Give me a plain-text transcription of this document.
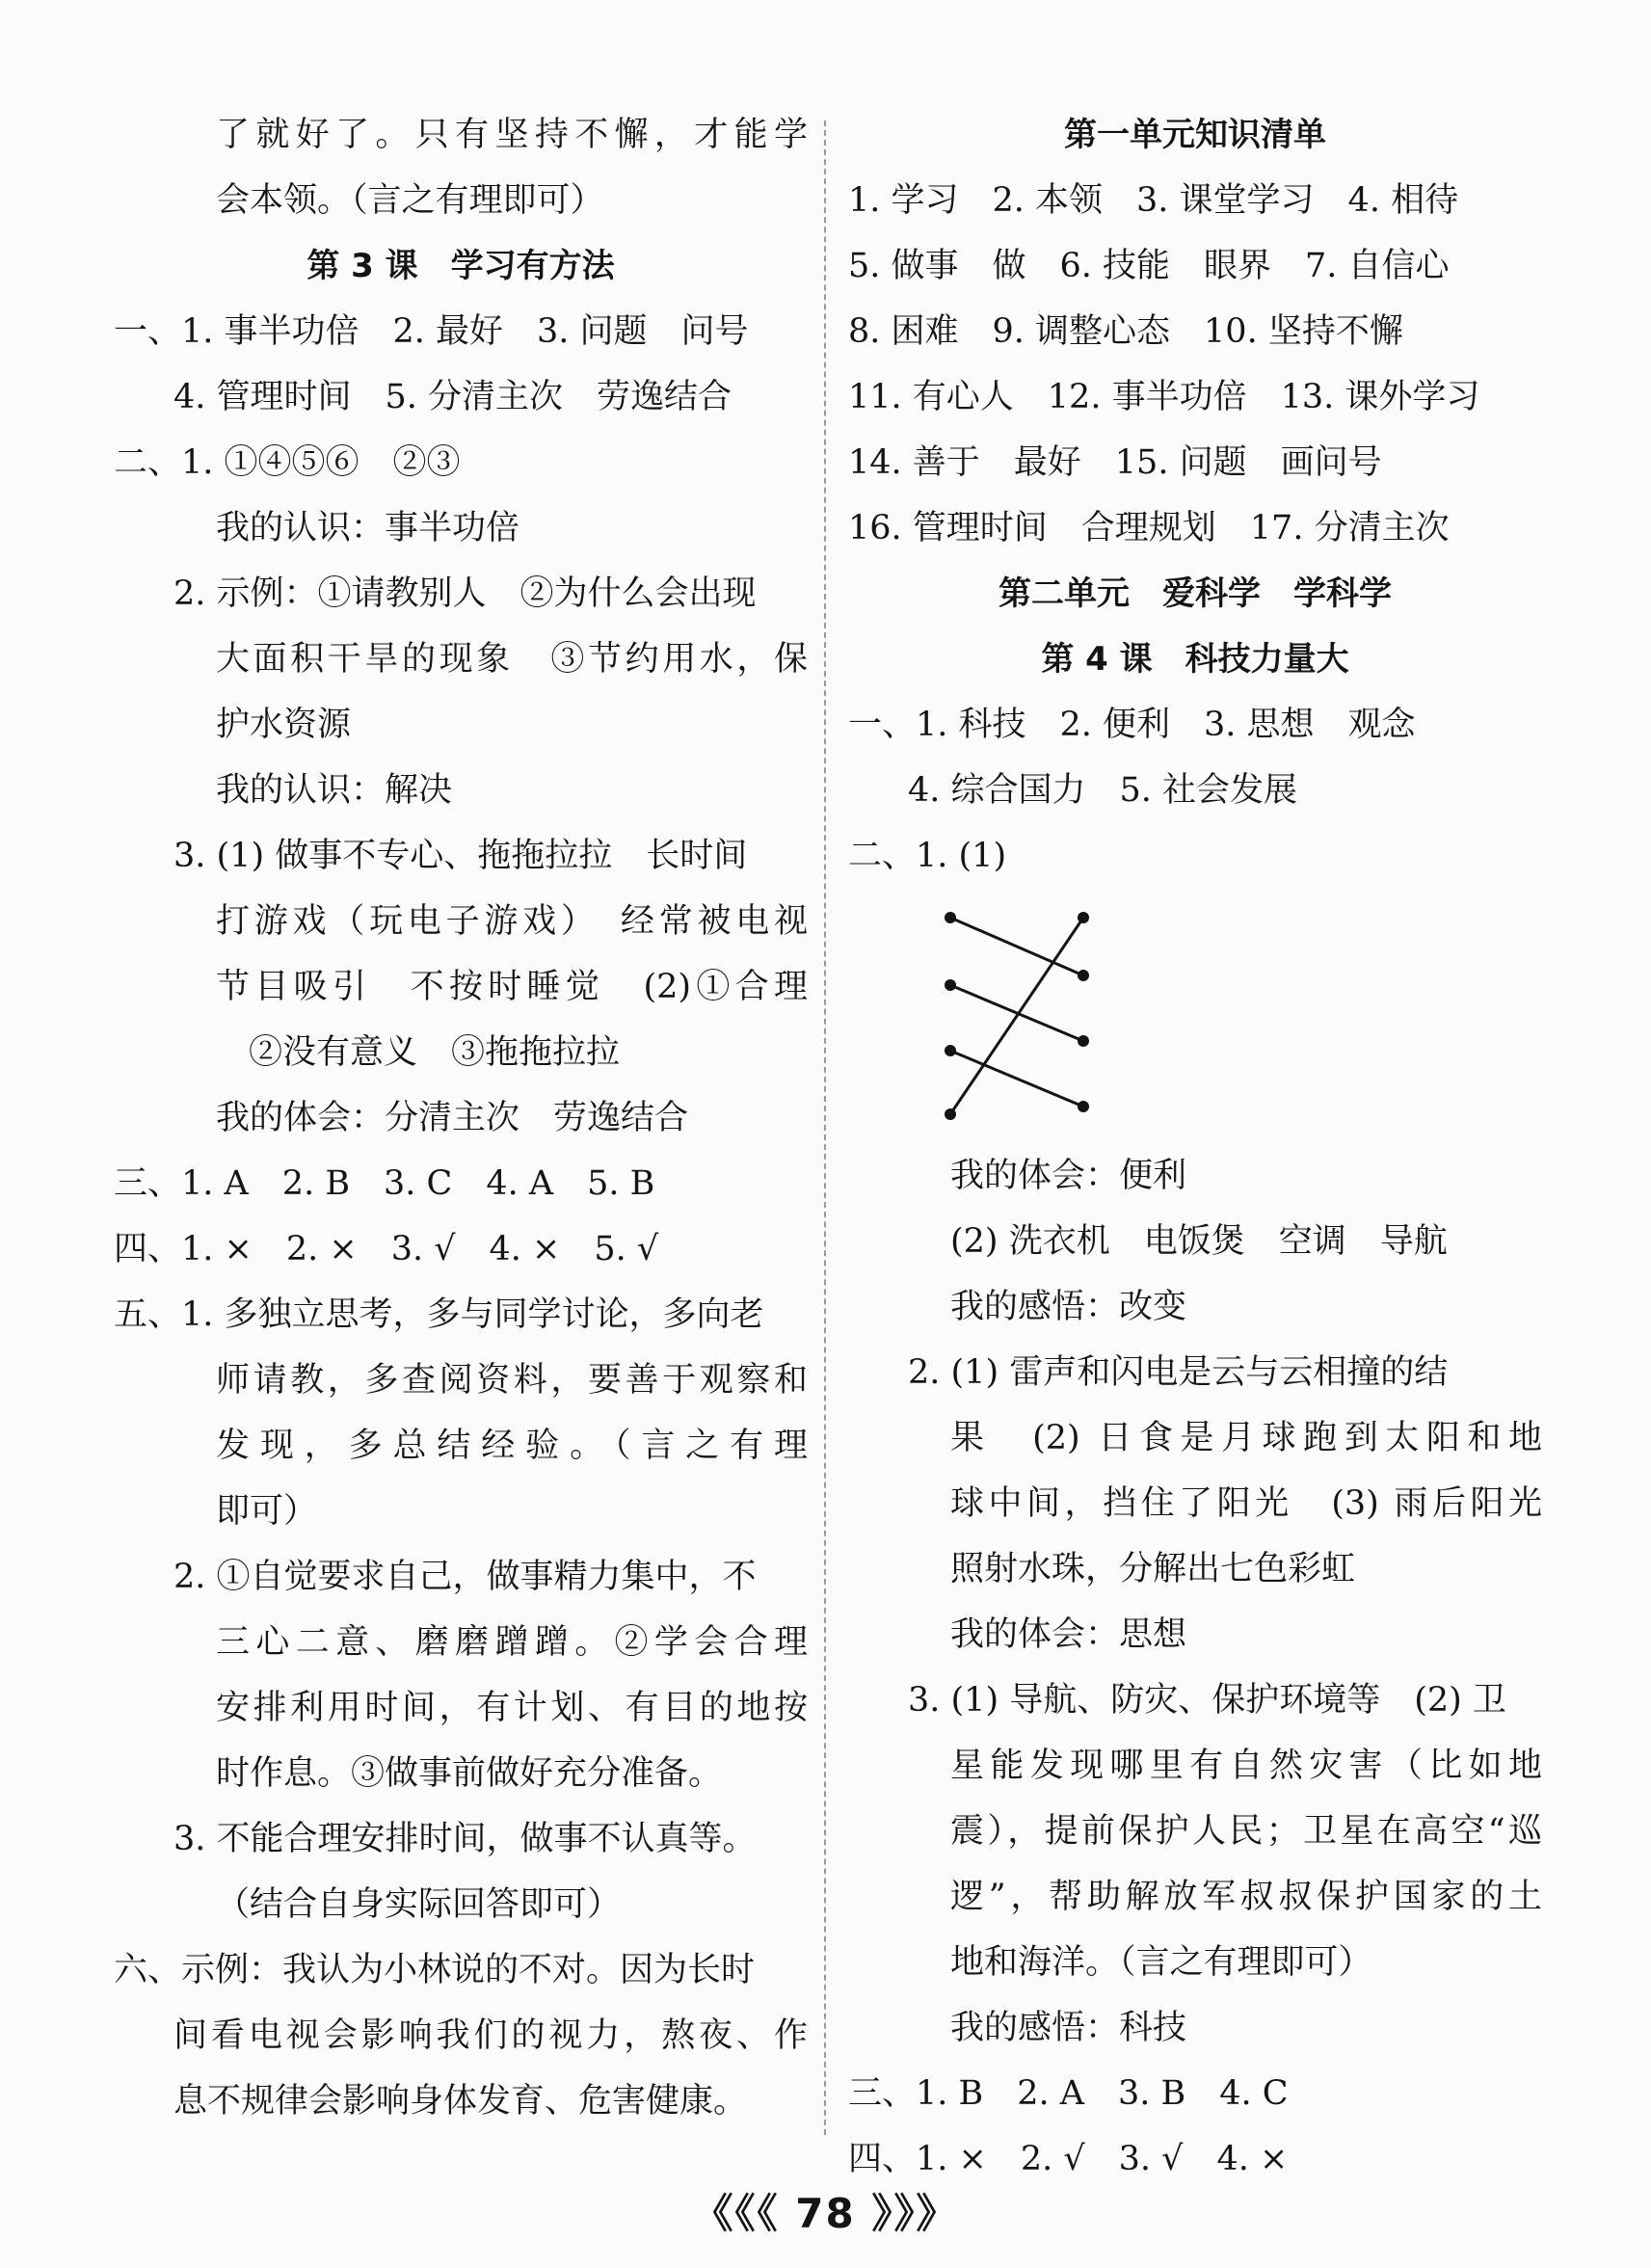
了就好了。只有坚持不懈，才能学
会本领。（言之有理即可）
第 3 课　学习有方法
一、1. 事半功倍　2. 最好　3. 问题　问号
4. 管理时间　5. 分清主次　劳逸结合
二、1. ①④⑤⑥　②③
我的认识：事半功倍
2. 示例：①请教别人　②为什么会出现
大面积干旱的现象　③节约用水，保
护水资源
我的认识：解决
3. (1) 做事不专心、拖拖拉拉　长时间
打游戏（玩电子游戏）　经常被电视
节目吸引　不按时睡觉　(2)①合理
②没有意义　③拖拖拉拉
我的体会：分清主次　劳逸结合
三、1. A　2. B　3. C　4. A　5. B
四、1. ×　2. ×　3. √　4. ×　5. √
五、1. 多独立思考，多与同学讨论，多向老
师请教，多查阅资料，要善于观察和
发现，多总结经验。（言之有理
即可）
2. ①自觉要求自己，做事精力集中，不
三心二意、磨磨蹭蹭。②学会合理
安排利用时间，有计划、有目的地按
时作息。③做事前做好充分准备。
3. 不能合理安排时间，做事不认真等。
（结合自身实际回答即可）
六、示例：我认为小林说的不对。因为长时
间看电视会影响我们的视力，熬夜、作
息不规律会影响身体发育、危害健康。
第一单元知识清单
1. 学习　2. 本领　3. 课堂学习　4. 相待
5. 做事　做　6. 技能　眼界　7. 自信心
8. 困难　9. 调整心态　10. 坚持不懈
11. 有心人　12. 事半功倍　13. 课外学习
14. 善于　最好　15. 问题　画问号
16. 管理时间　合理规划　17. 分清主次
第二单元　爱科学　学科学
第 4 课　科技力量大
一、1. 科技　2. 便利　3. 思想　观念
4. 综合国力　5. 社会发展
二、1. (1)
我的体会：便利
(2) 洗衣机　电饭煲　空调　导航
我的感悟：改变
2. (1) 雷声和闪电是云与云相撞的结
果　(2) 日食是月球跑到太阳和地
球中间，挡住了阳光　(3) 雨后阳光
照射水珠，分解出七色彩虹
我的体会：思想
3. (1) 导航、防灾、保护环境等　(2) 卫
星能发现哪里有自然灾害（比如地
震），提前保护人民；卫星在高空“巡
逻”，帮助解放军叔叔保护国家的土
地和海洋。（言之有理即可）
我的感悟：科技
三、1. B　2. A　3. B　4. C
四、1. ×　2. √　3. √　4. ×
《《《 78 》》》
